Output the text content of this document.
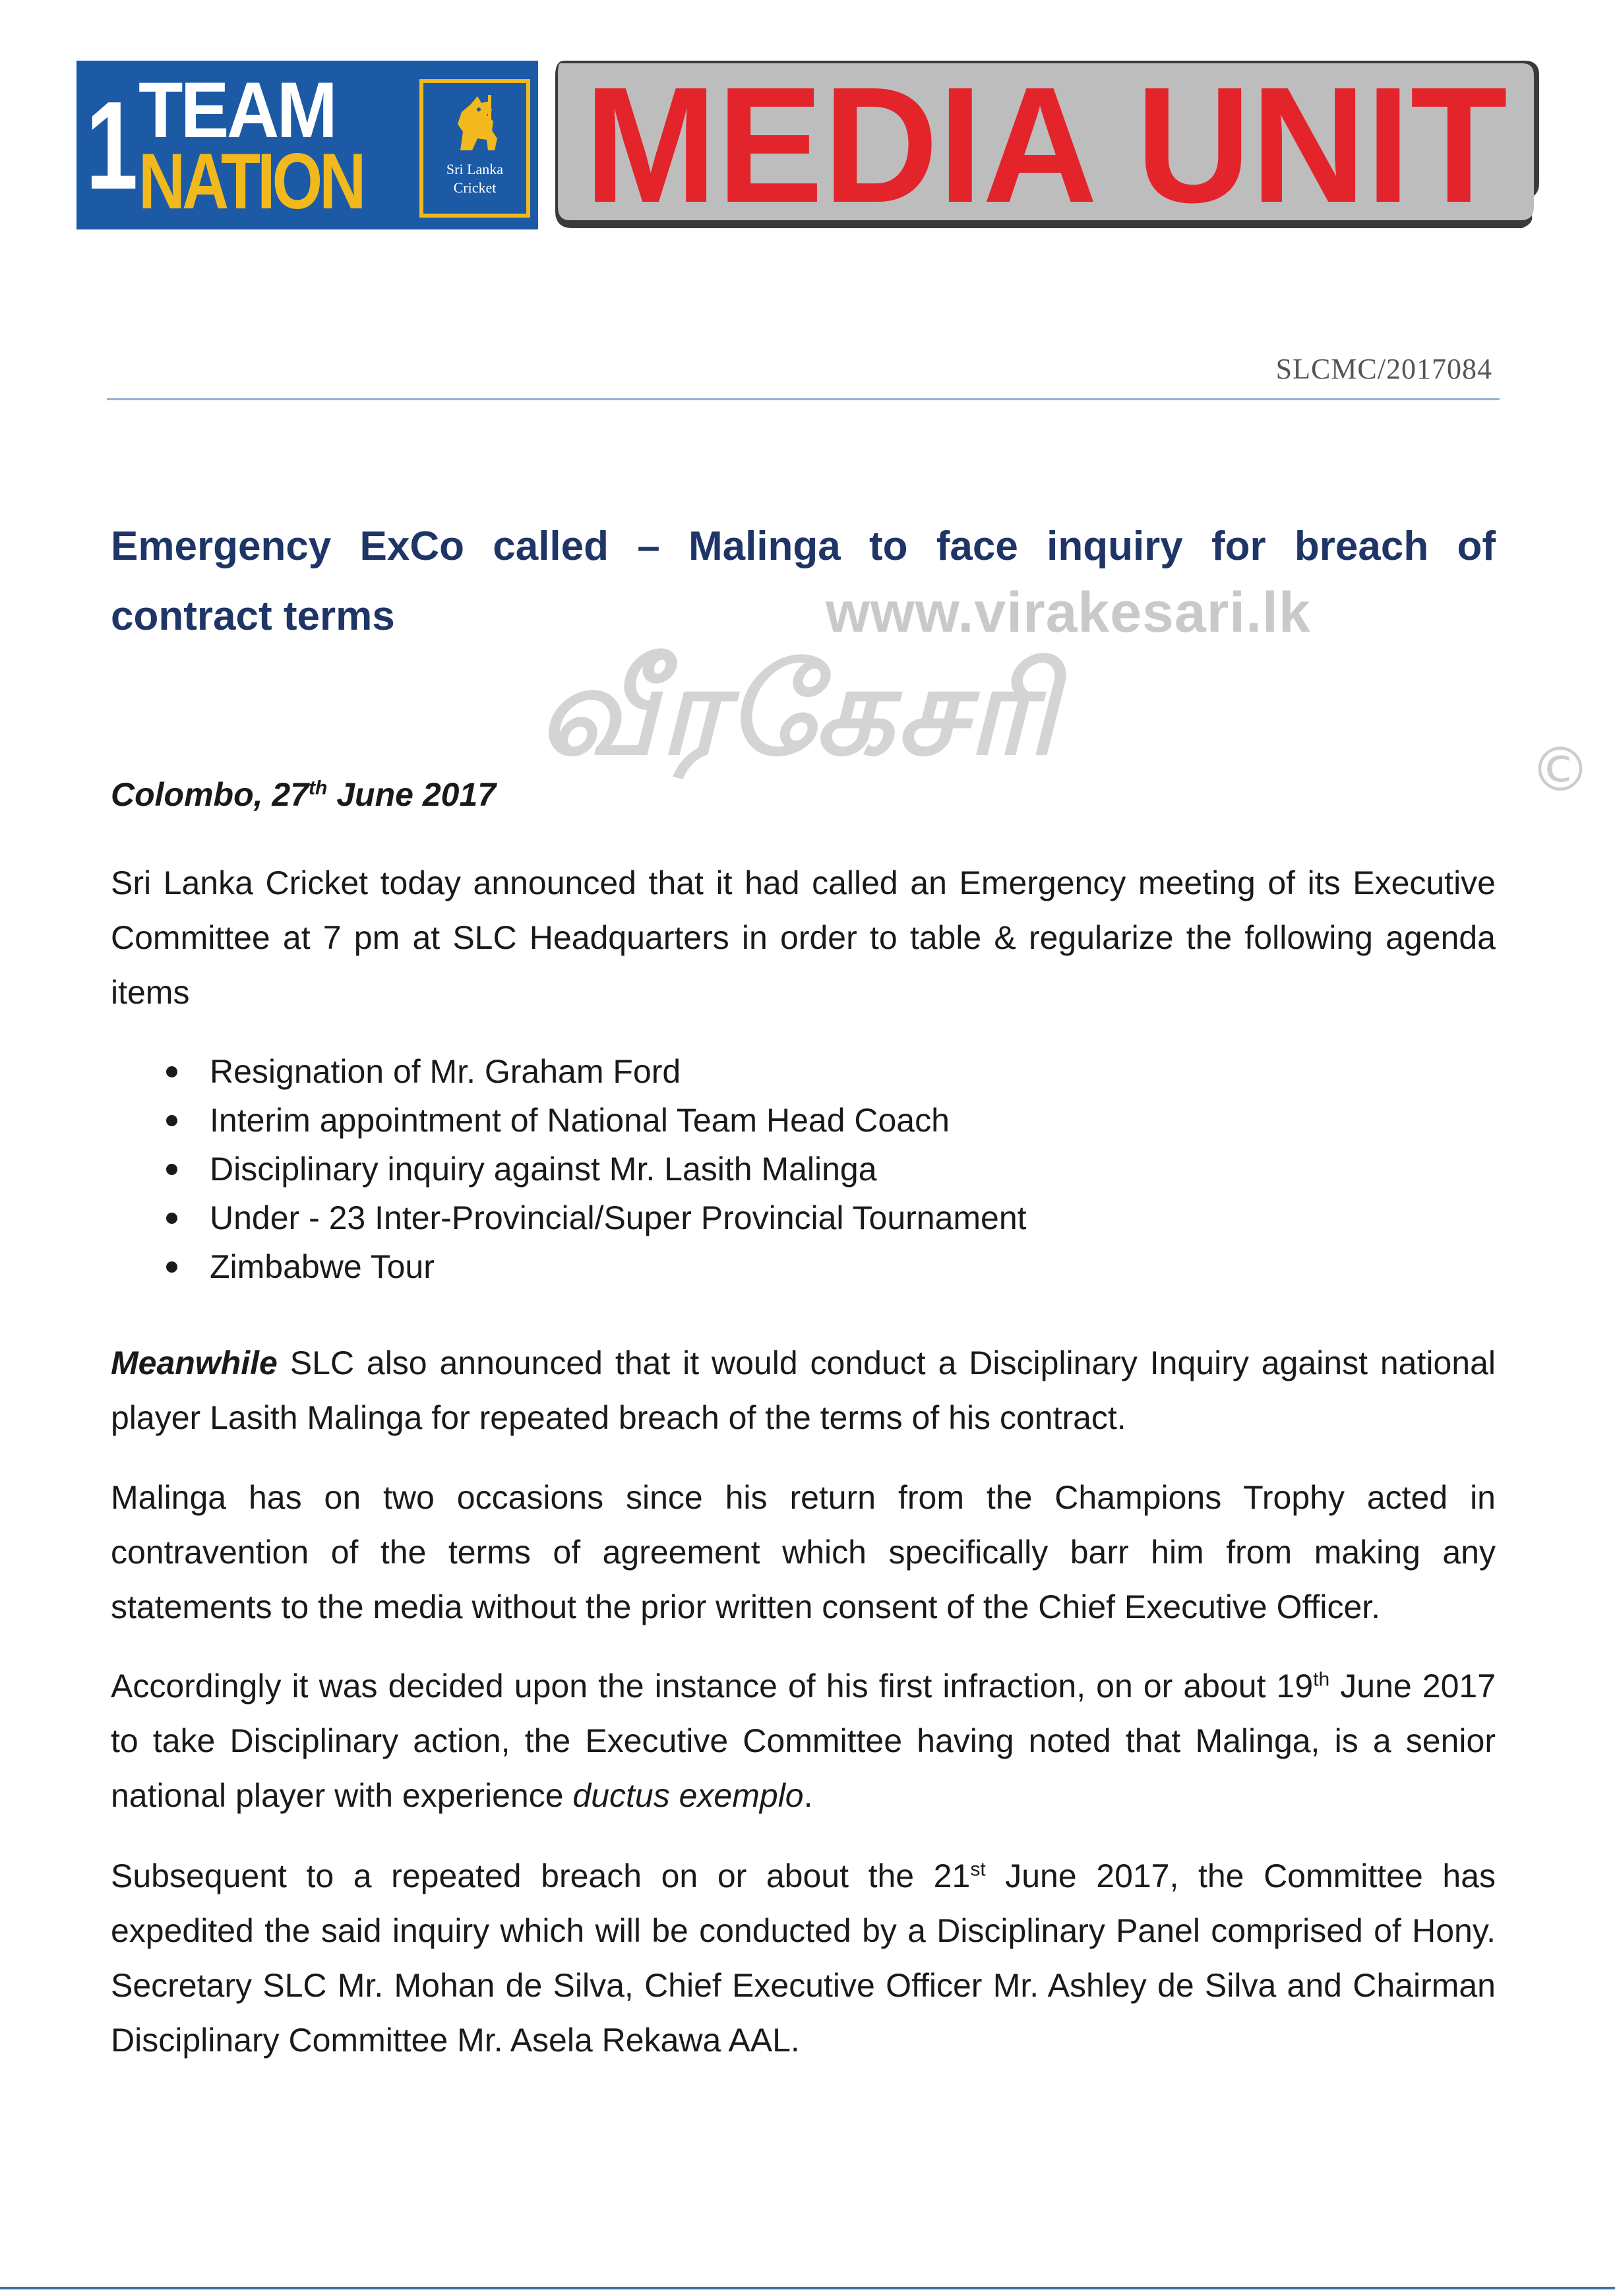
1 TEAM
NATION	Sri Lanka
Cricket MEDIA UNIT
SLCMC/2017084
www.virakesari.lk
வீரகேசரி	©
Emergency ExCo called – Malinga to face inquiry for breach of contract terms
Colombo, 27th June 2017

Sri Lanka Cricket today announced that it had called an Emergency meeting of its Executive Committee at 7 pm at SLC Headquarters in order to table & regularize the following agenda items

Resignation of Mr. Graham Ford
Interim appointment of National Team Head Coach
Disciplinary inquiry against Mr. Lasith Malinga
Under - 23 Inter-Provincial/Super Provincial Tournament
Zimbabwe Tour

Meanwhile SLC also announced that it would conduct a Disciplinary Inquiry against national player Lasith Malinga for repeated breach of the terms of his contract.

Malinga has on two occasions since his return from the Champions Trophy acted in contravention of the terms of agreement which specifically barr him from making any statements to the media without the prior written consent of the Chief Executive Officer.

Accordingly it was decided upon the instance of his first infraction, on or about 19th June 2017 to take Disciplinary action, the Executive Committee having noted that Malinga, is a senior national player with experience ductus exemplo.

Subsequent to a repeated breach on or about the 21st June 2017, the Committee has expedited the said inquiry which will be conducted by a Disciplinary Panel comprised of Hony. Secretary SLC Mr. Mohan de Silva, Chief Executive Officer Mr. Ashley de Silva and Chairman Disciplinary Committee Mr. Asela Rekawa AAL.
